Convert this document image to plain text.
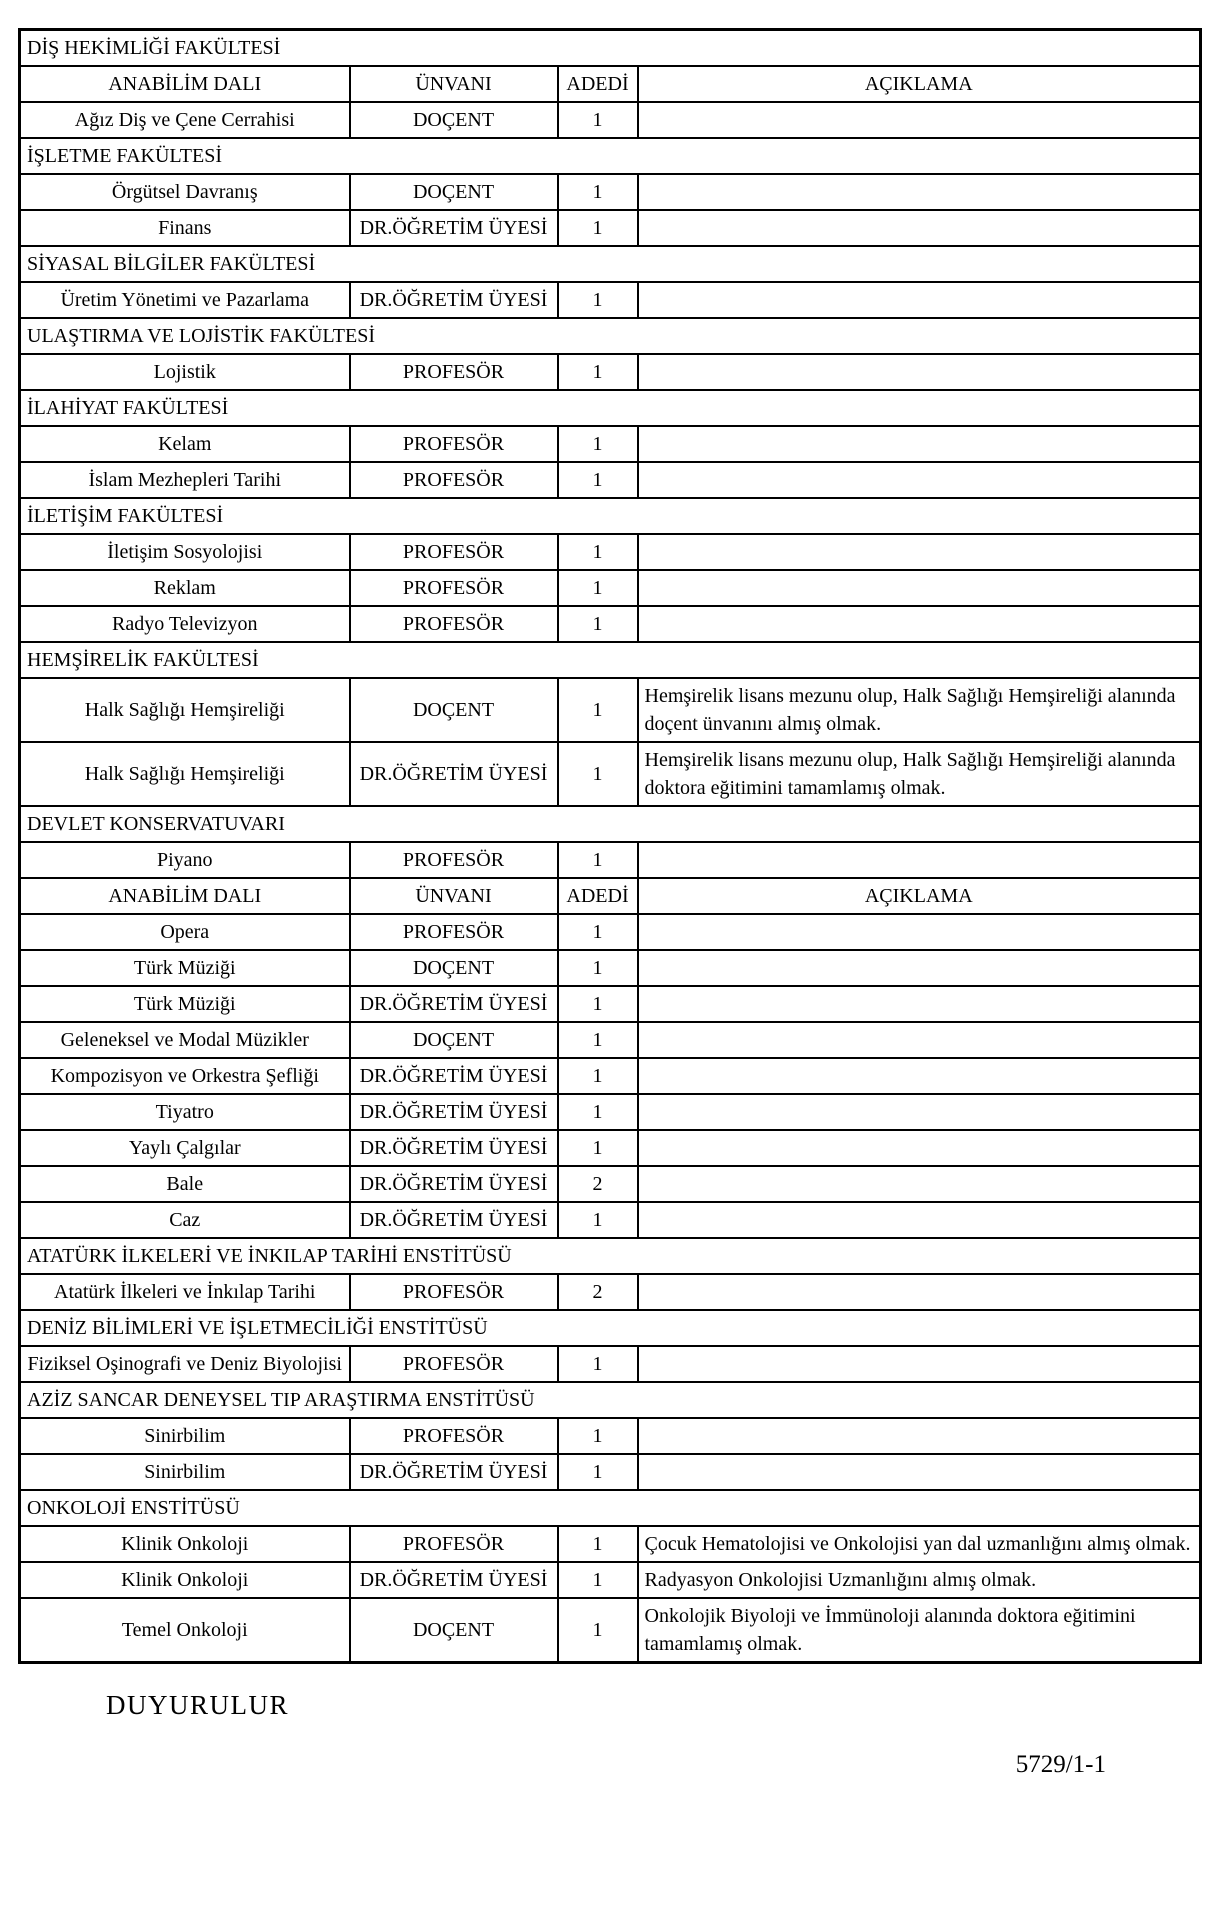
DİŞ HEKİMLİĞİ FAKÜLTESİ			
ANABİLİM DALI	ÜNVANI	ADEDİ	AÇIKLAMA
Ağız Diş ve Çene Cerrahisi	DOÇENT	1	
İŞLETME FAKÜLTESİ			
Örgütsel Davranış	DOÇENT	1	
Finans	DR.ÖĞRETİM ÜYESİ	1	
SİYASAL BİLGİLER FAKÜLTESİ			
Üretim Yönetimi ve Pazarlama	DR.ÖĞRETİM ÜYESİ	1	
ULAŞTIRMA VE LOJİSTİK FAKÜLTESİ			
Lojistik	PROFESÖR	1	
İLAHİYAT FAKÜLTESİ			
Kelam	PROFESÖR	1	
İslam Mezhepleri Tarihi	PROFESÖR	1	
İLETİŞİM FAKÜLTESİ			
İletişim Sosyolojisi	PROFESÖR	1	
Reklam	PROFESÖR	1	
Radyo Televizyon	PROFESÖR	1	
HEMŞİRELİK FAKÜLTESİ			
Halk Sağlığı Hemşireliği	DOÇENT	1	Hemşirelik lisans mezunu olup, Halk Sağlığı Hemşireliği alanında doçent ünvanını almış olmak.
Halk Sağlığı Hemşireliği	DR.ÖĞRETİM ÜYESİ	1	Hemşirelik lisans mezunu olup, Halk Sağlığı Hemşireliği alanında doktora eğitimini tamamlamış olmak.
DEVLET KONSERVATUVARI			
Piyano	PROFESÖR	1	
ANABİLİM DALI	ÜNVANI	ADEDİ	AÇIKLAMA
Opera	PROFESÖR	1	
Türk Müziği	DOÇENT	1	
Türk Müziği	DR.ÖĞRETİM ÜYESİ	1	
Geleneksel ve Modal Müzikler	DOÇENT	1	
Kompozisyon ve Orkestra Şefliği	DR.ÖĞRETİM ÜYESİ	1	
Tiyatro	DR.ÖĞRETİM ÜYESİ	1	
Yaylı Çalgılar	DR.ÖĞRETİM ÜYESİ	1	
Bale	DR.ÖĞRETİM ÜYESİ	2	
Caz	DR.ÖĞRETİM ÜYESİ	1	
ATATÜRK İLKELERİ VE İNKILAP TARİHİ ENSTİTÜSÜ			
Atatürk İlkeleri ve İnkılap Tarihi	PROFESÖR	2	
DENİZ BİLİMLERİ VE İŞLETMECİLİĞİ ENSTİTÜSÜ			
Fiziksel Oşinografi ve Deniz Biyolojisi	PROFESÖR	1	
AZİZ SANCAR DENEYSEL TIP ARAŞTIRMA ENSTİTÜSÜ			
Sinirbilim	PROFESÖR	1	
Sinirbilim	DR.ÖĞRETİM ÜYESİ	1	
ONKOLOJİ ENSTİTÜSÜ			
Klinik Onkoloji	PROFESÖR	1	Çocuk Hematolojisi ve Onkolojisi yan dal uzmanlığını almış olmak.
Klinik Onkoloji	DR.ÖĞRETİM ÜYESİ	1	Radyasyon Onkolojisi Uzmanlığını almış olmak.
Temel Onkoloji	DOÇENT	1	Onkolojik Biyoloji ve İmmünoloji alanında doktora eğitimini tamamlamış olmak.
DUYURULUR
5729/1-1
